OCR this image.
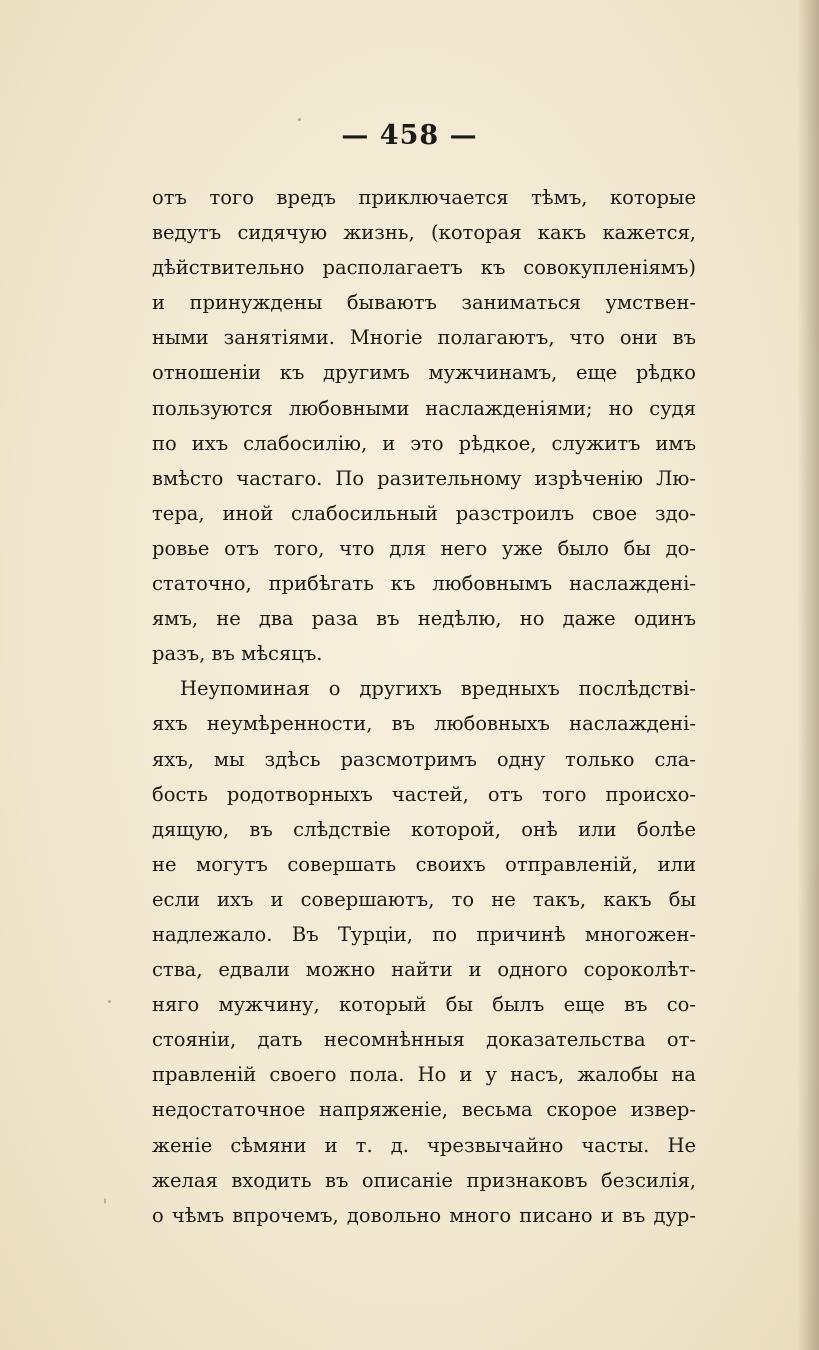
— 458 —
отъ того вредъ приключается тѣмъ, которые
ведутъ сидячую жизнь, (которая какъ кажется,
дѣйствительно располагаетъ къ совокупленіямъ)
и принуждены бываютъ заниматься умствен-
ными занятіями. Многіе полагаютъ, что они въ
отношеніи къ другимъ мужчинамъ, еще рѣдко
пользуются любовными наслажденіями; но судя
по ихъ слабосилію, и это рѣдкое, служитъ имъ
вмѣсто частаго. По разительному изрѣченію Лю-
тера, иной слабосильный разстроилъ свое здо-
ровье отъ того, что для него уже было бы до-
статочно, прибѣгать къ любовнымъ наслажденi-
ямъ, не два раза въ недѣлю, но даже одинъ
разъ, въ мѣсяцъ.
Неупоминая о другихъ вредныхъ послѣдствi-
яхъ неумѣренности, въ любовныхъ наслажденi-
яхъ, мы здѣсь разсмотримъ одну только сла-
бость родотворныхъ частей, отъ того происхо-
дящую, въ слѣдствіе которой, онѣ или болѣе
не могутъ совершать своихъ отправленій, или
если ихъ и совершаютъ, то не такъ, какъ бы
надлежало. Въ Турціи, по причинѣ многожен-
ства, едвали можно найти и одного сороколѣт-
няго мужчину, который бы былъ еще въ со-
стояніи, дать несомнѣнныя доказательства от-
правленій своего пола. Но и у насъ, жалобы на
недостаточное напряженіе, весьма скорое извер-
женіе сѣмяни и т. д. чрезвычайно часты. Не
желая входить въ описаніе признаковъ безсилія,
о чѣмъ впрочемъ, довольно много писано и въ дур-
